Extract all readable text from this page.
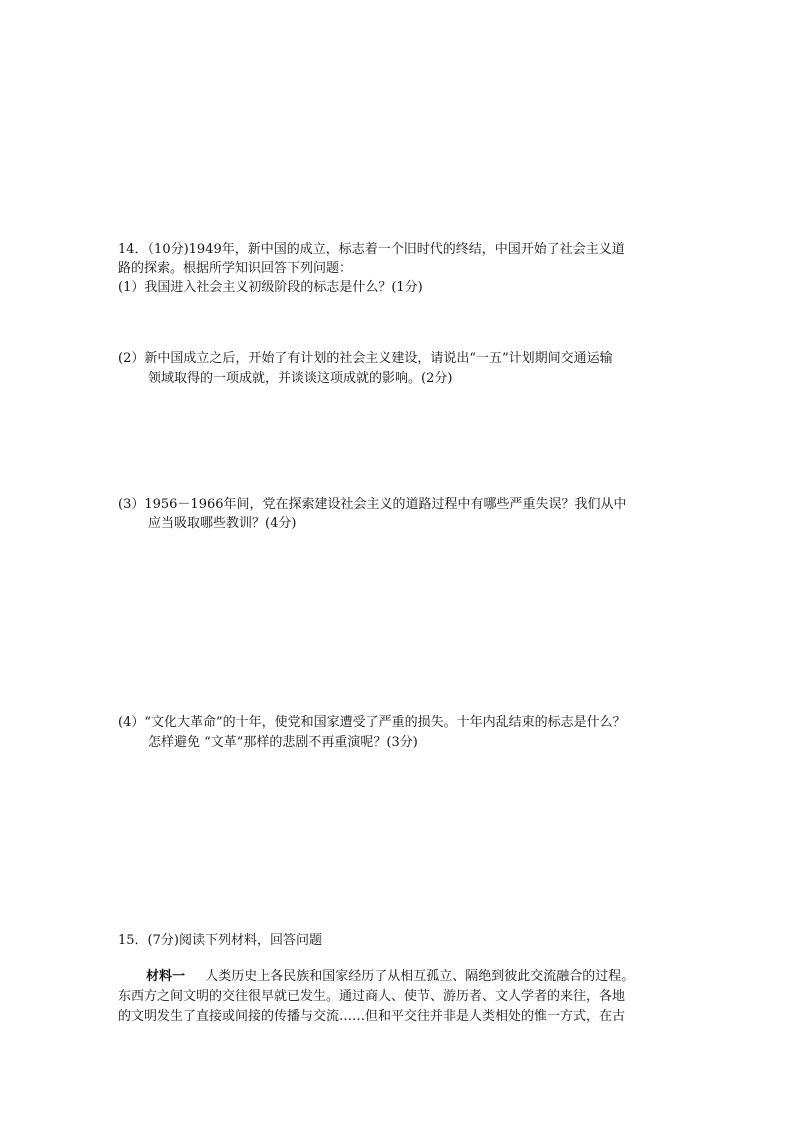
14．（10分)1949年，新中国的成立，标志着一个旧时代的终结，中国开始了社会主义道
路的探索。根据所学知识回答下列问题：
(1）我国进入社会主义初级阶段的标志是什么？(1分)
(2）新中国成立之后，开始了有计划的社会主义建设，请说出“一五”计划期间交通运输
领域取得的一项成就，并谈谈这项成就的影响。(2分)
(3）1956－1966年间，党在探索建设社会主义的道路过程中有哪些严重失误？我们从中
应当吸取哪些教训？(4分)
(4）“文化大革命”的十年，使党和国家遭受了严重的损失。十年内乱结束的标志是什么？
怎样避免 “文革”那样的悲剧不再重演呢？(3分)
15．(7分)阅读下列材料，回答问题
材料一 人类历史上各民族和国家经历了从相互孤立、隔绝到彼此交流融合的过程。
东西方之间文明的交往很早就已发生。通过商人、使节、游历者、文人学者的来往，各地
的文明发生了直接或间接的传播与交流……但和平交往并非是人类相处的惟一方式，在古
